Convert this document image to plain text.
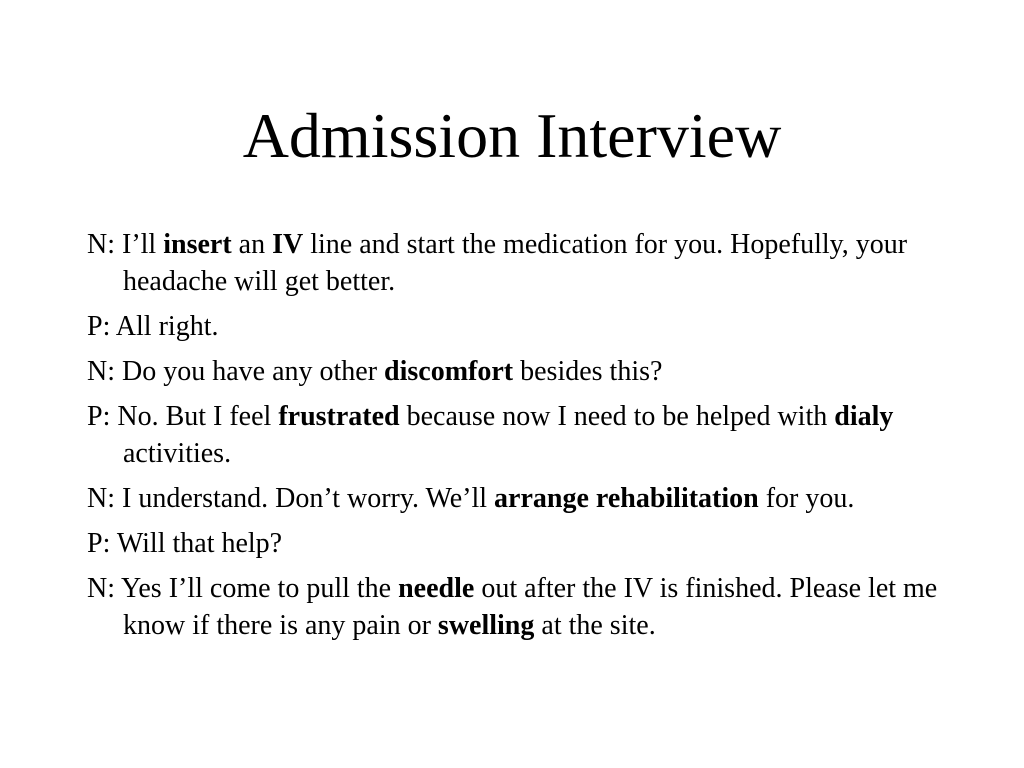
Admission Interview

N: I’ll insert an IV line and start the medication for you. Hopefully, your headache will get better.

P: All right.

N: Do you have any other discomfort besides this?

P: No. But I feel frustrated because now I need to be helped with dialy activities.

N: I understand. Don’t worry. We’ll arrange rehabilitation for you.

P: Will that help?

N: Yes I’ll come to pull the needle out after the IV is finished. Please let me know if there is any pain or swelling at the site.
